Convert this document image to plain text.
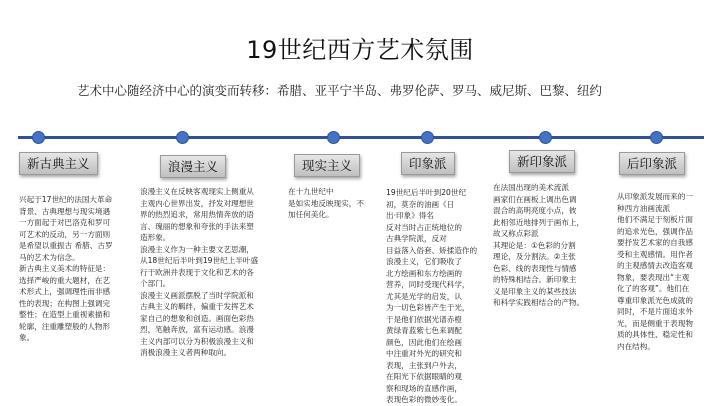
19世纪西方艺术氛围
艺术中心随经济中心的演变而转移：希腊、亚平宁半岛、弗罗伦萨、罗马、威尼斯、巴黎、纽约
新古典主义	浪漫主义	现实主义	印象派	新印象派	后印象派
兴起于17世纪的法国大革命
背景、古典理想与现实境遇
一方面起于对巴洛克和罗可
可艺术的反动，另一方面则
是希望以重振古 希腊、古罗
马的艺术为信念。
新古典主义美术的特征是：
选择严峻的重大题材，在艺
术形式上，强调理性而非感
性的表现；在构图上强调完
整性；在造型上重视素描和
轮廓，注重雕塑般的人物形
象。
浪漫主义在反映客观现实上侧重从
主观内心世界出发，抒发对理想世
界的热烈追求，常用热情奔放的语
言、瑰丽的想象和夸张的手法来塑
造形象。
浪漫主义作为一种主要文艺思潮，
从18世纪后半叶到19世纪上半叶盛
行于欧洲并表现于文化和艺术的各
个部门。
浪漫主义画派摆脱了当时学院派和
古典主义的羁绊，偏重于发挥艺术
家自己的想象和创造。画面色彩热
烈，笔触奔放，富有运动感。浪漫
主义内部可以分为积极浪漫主义和
消极浪漫主义者两种取向。
在十九世纪中
是如实地反映现实，不
加任何美化。
19世纪后半叶到20世纪
初，莫奈的油画《日
出·印象》得名
反对当时占正统地位的
古典学院派，反对
目益落入俗套、矫揉造作的
浪漫主义，它们吸收了
北方绘画和东方绘画的
营养，同时受现代科学，
尤其是光学的启发，认
为一切色彩皆产生于光，
于是他们依据光谱赤橙
黄绿青蓝紫七色来调配
颜色，因此他们在绘画
中注重对外光的研究和
表现，主张到户外去，
在阳光下依据眼睛的观
察和现场的直感作画，
表现色彩的微妙变化。
在法国出现的美术流派
画家们在画板上调出色调
混合的高明亮度小点，彼
此相邻近地排列于画布上，
故又称点彩派
其理论是：①色彩的分割
理论，及分割法。②主张
色彩、线的表现性与情感
的特殊相结合。新印象主
义是印象主义的某些技法
和科学实践相结合的产物。
从印象派发展而来的一
种西方油画流派
他们不满足于刻板片面
的追求光色，强调作品
要抒发艺术家的自我感
受和主观感情。用作者
的主观感情去改造客观
物象，要表现出“主观
化了的客观”。他们在
尊重印象派光色成就的
同时，不是片面追求外
光，而是侧重于表现物
质的具体性、稳定性和
内在结构。
